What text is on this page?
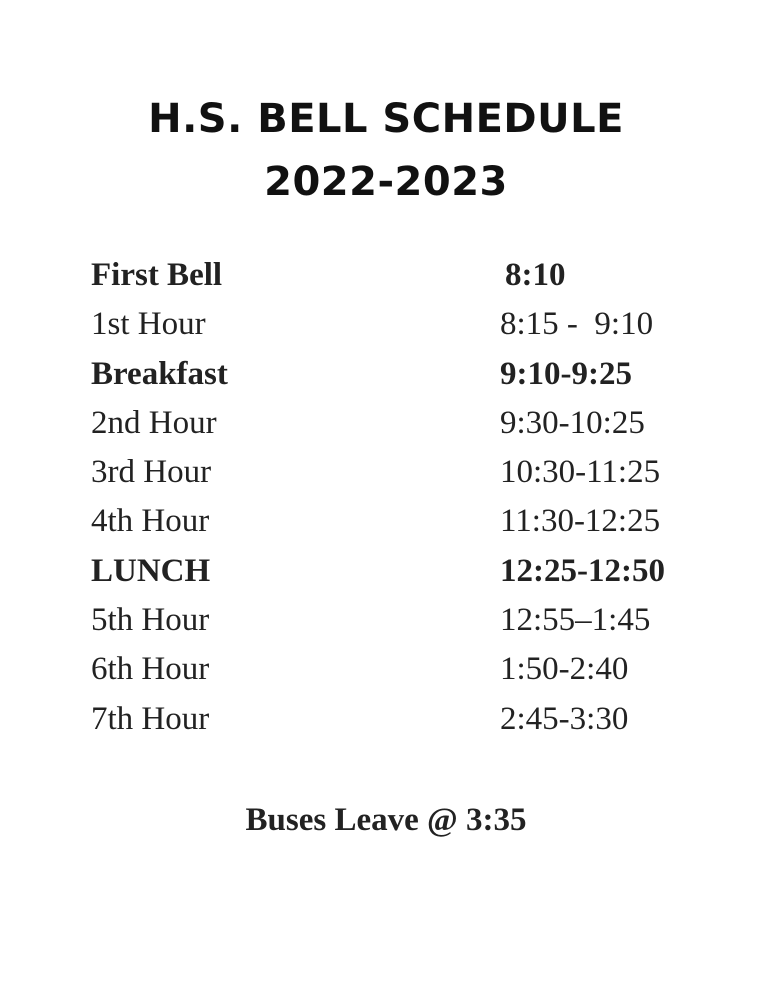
H.S. BELL SCHEDULE
2022-2023
First Bell	8:10
1st Hour	8:15 -  9:10
Breakfast	9:10-9:25
2nd Hour	9:30-10:25
3rd Hour	10:30-11:25
4th Hour	11:30-12:25
LUNCH	12:25-12:50
5th Hour	12:55–1:45
6th Hour	1:50-2:40
7th Hour	2:45-3:30

Buses Leave @ 3:35
